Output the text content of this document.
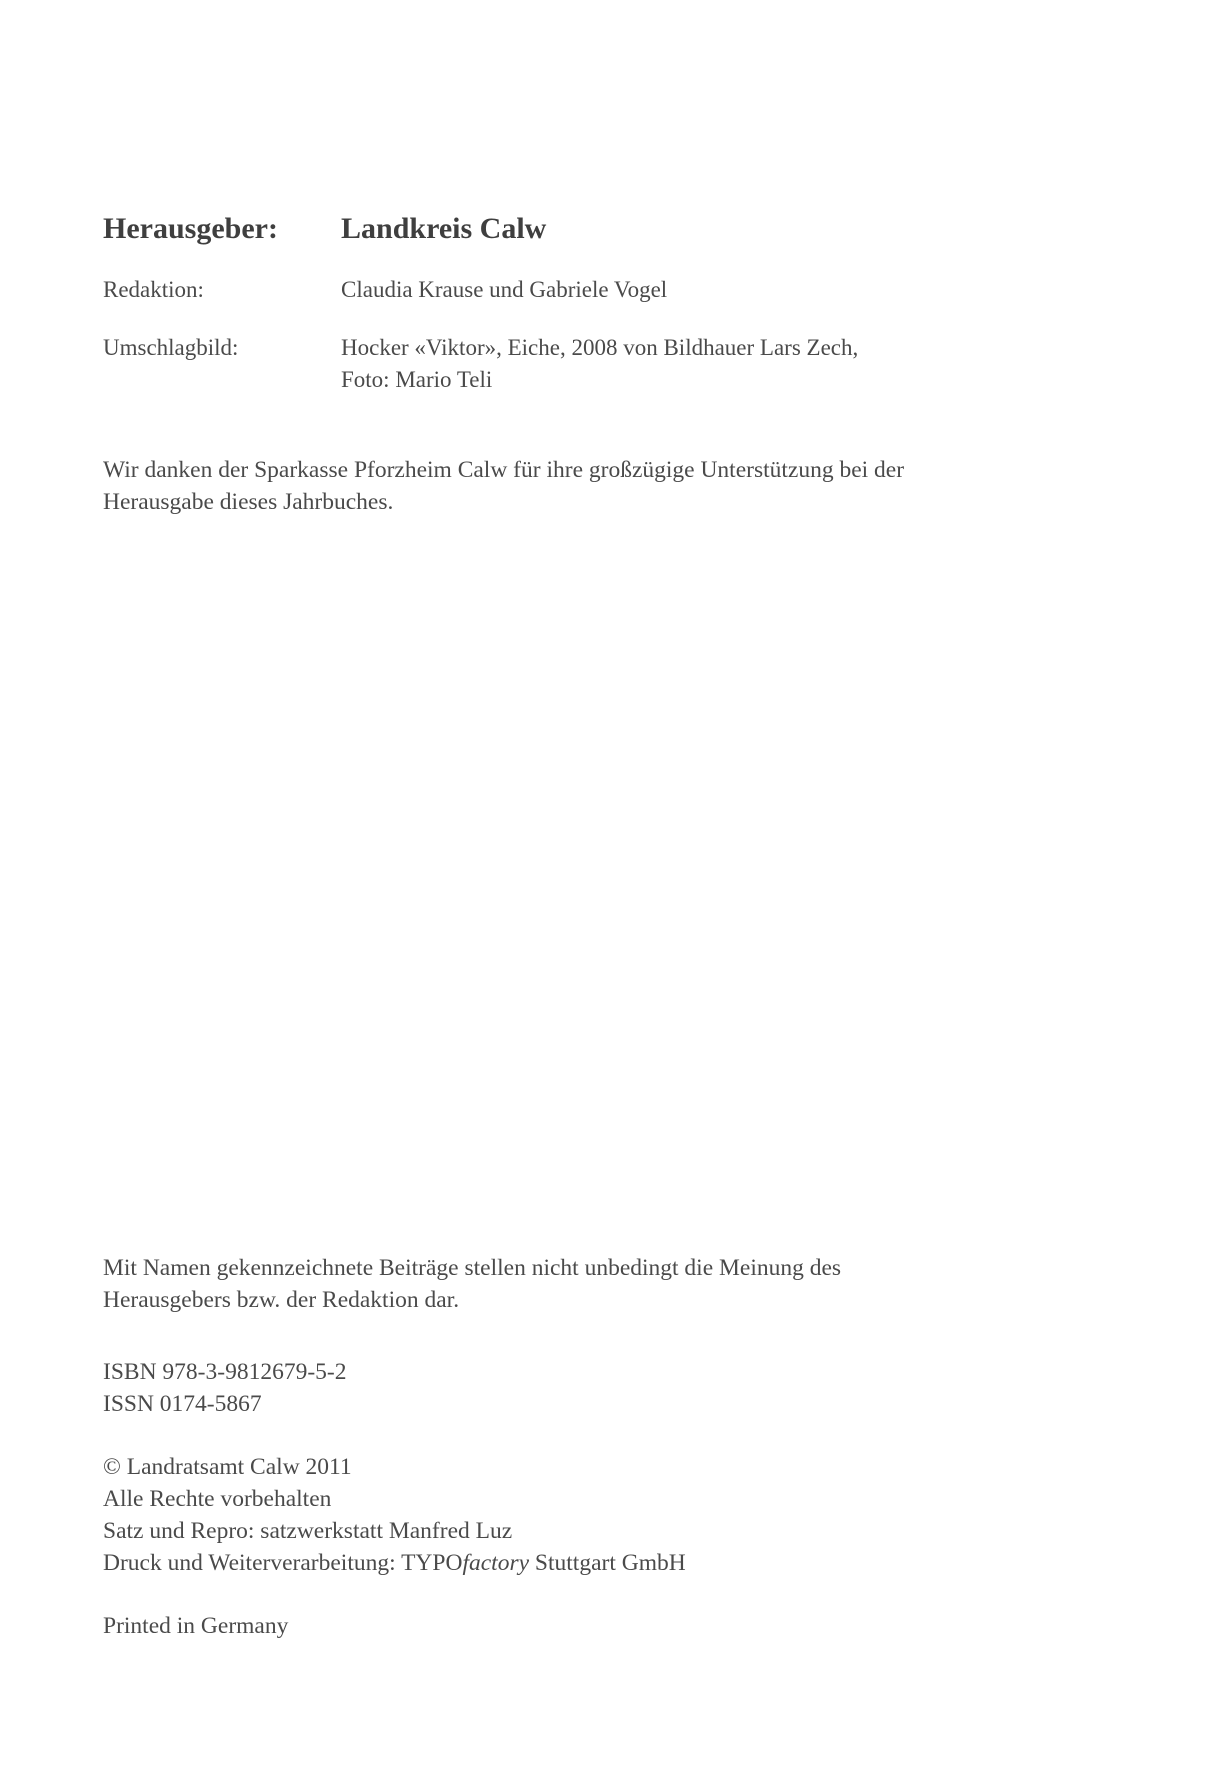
Herausgeber: Landkreis Calw
Redaktion:	Claudia Krause und Gabriele Vogel
Umschlagbild:	Hocker «Viktor», Eiche, 2008 von Bildhauer Lars Zech,
Foto: Mario Teli
Wir danken der Sparkasse Pforzheim Calw für ihre großzügige Unterstützung bei der
Herausgabe dieses Jahrbuches.
Mit Namen gekennzeichnete Beiträge stellen nicht unbedingt die Meinung des
Herausgebers bzw. der Redaktion dar.
ISBN 978-3-9812679-5-2
ISSN 0174-5867
© Landratsamt Calw 2011
Alle Rechte vorbehalten
Satz und Repro: satzwerkstatt Manfred Luz
Druck und Weiterverarbeitung: TYPOfactory Stuttgart GmbH
Printed in Germany
